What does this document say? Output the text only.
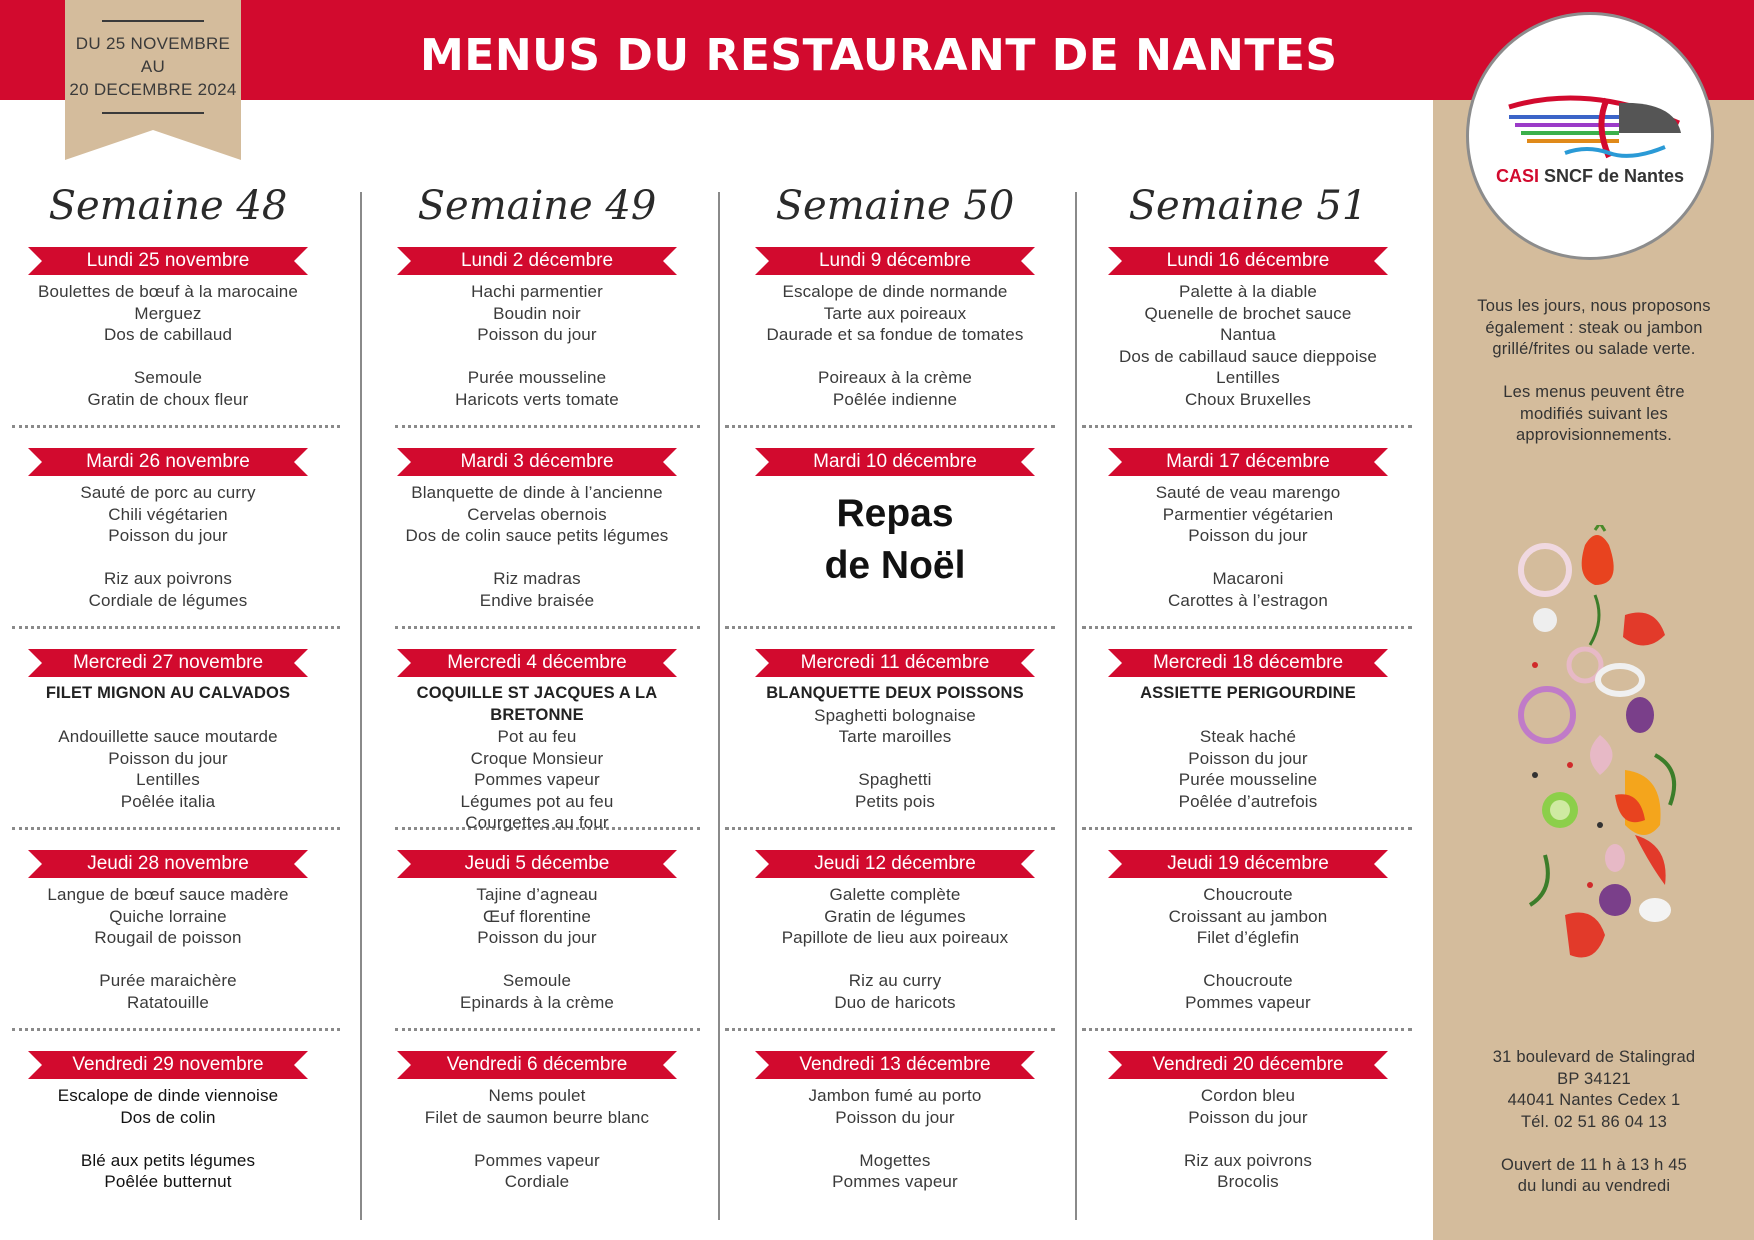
MENUS DU RESTAURANT DE NANTES
DU 25 NOVEMBRE
AU
20 DECEMBRE 2024
CASI SNCF de Nantes

Tous les jours, nous proposons

également : steak ou jambon

grillé/frites ou salade verte.

Les menus peuvent être

modifiés suivant les

approvisionnements.

31 boulevard de Stalingrad

BP 34121

44041 Nantes Cedex 1

Tél. 02 51 86 04 13

Ouvert de 11 h à 13 h 45

du lundi au vendredi

Semaine 48
Lundi 25 novembre
Boulettes de bœuf à la marocaine
Merguez
Dos de cabillaud
Semoule
Gratin de choux fleur
Mardi 26 novembre
Sauté de porc au curry
Chili végétarien
Poisson du jour
Riz aux poivrons
Cordiale de légumes
Mercredi 27 novembre
FILET MIGNON AU CALVADOS
Andouillette sauce moutarde
Poisson du jour
Lentilles
Poêlée italia
Jeudi 28 novembre
Langue de bœuf sauce madère
Quiche lorraine
Rougail de poisson
Purée maraichère
Ratatouille
Vendredi 29 novembre
Escalope de dinde viennoise
Dos de colin
Blé aux petits légumes
Poêlée butternut
Semaine 49
Lundi 2 décembre
Hachi parmentier
Boudin noir
Poisson du jour
Purée mousseline
Haricots verts tomate
Mardi 3 décembre
Blanquette de dinde à l’ancienne
Cervelas obernois
Dos de colin sauce petits légumes
Riz madras
Endive braisée
Mercredi 4 décembre
COQUILLE ST JACQUES A LA
BRETONNE
Pot au feu
Croque Monsieur
Pommes vapeur
Légumes pot au feu
Courgettes au four
Jeudi 5 décembe
Tajine d’agneau
Œuf florentine
Poisson du jour
Semoule
Epinards à la crème
Vendredi 6 décembre
Nems poulet
Filet de saumon beurre blanc
Pommes vapeur
Cordiale
Semaine 50
Lundi 9 décembre
Escalope de dinde normande
Tarte aux poireaux
Daurade et sa fondue de tomates
Poireaux à la crème
Poêlée indienne
Mardi 10 décembre
Repas
de Noël
Mercredi 11 décembre
BLANQUETTE DEUX POISSONS
Spaghetti bolognaise
Tarte maroilles
Spaghetti
Petits pois
Jeudi 12 décembre
Galette complète
Gratin de légumes
Papillote de lieu aux poireaux
Riz au curry
Duo de haricots
Vendredi 13 décembre
Jambon fumé au porto
Poisson du jour
Mogettes
Pommes vapeur
Semaine 51
Lundi 16 décembre
Palette à la diable
Quenelle de brochet sauce
Nantua
Dos de cabillaud sauce dieppoise
Lentilles
Choux Bruxelles
Mardi 17 décembre
Sauté de veau marengo
Parmentier végétarien
Poisson du jour
Macaroni
Carottes à l’estragon
Mercredi 18 décembre
ASSIETTE PERIGOURDINE
Steak haché
Poisson du jour
Purée mousseline
Poêlée d’autrefois
Jeudi 19 décembre
Choucroute
Croissant au jambon
Filet d’églefin
Choucroute
Pommes vapeur
Vendredi 20 décembre
Cordon bleu
Poisson du jour
Riz aux poivrons
Brocolis
